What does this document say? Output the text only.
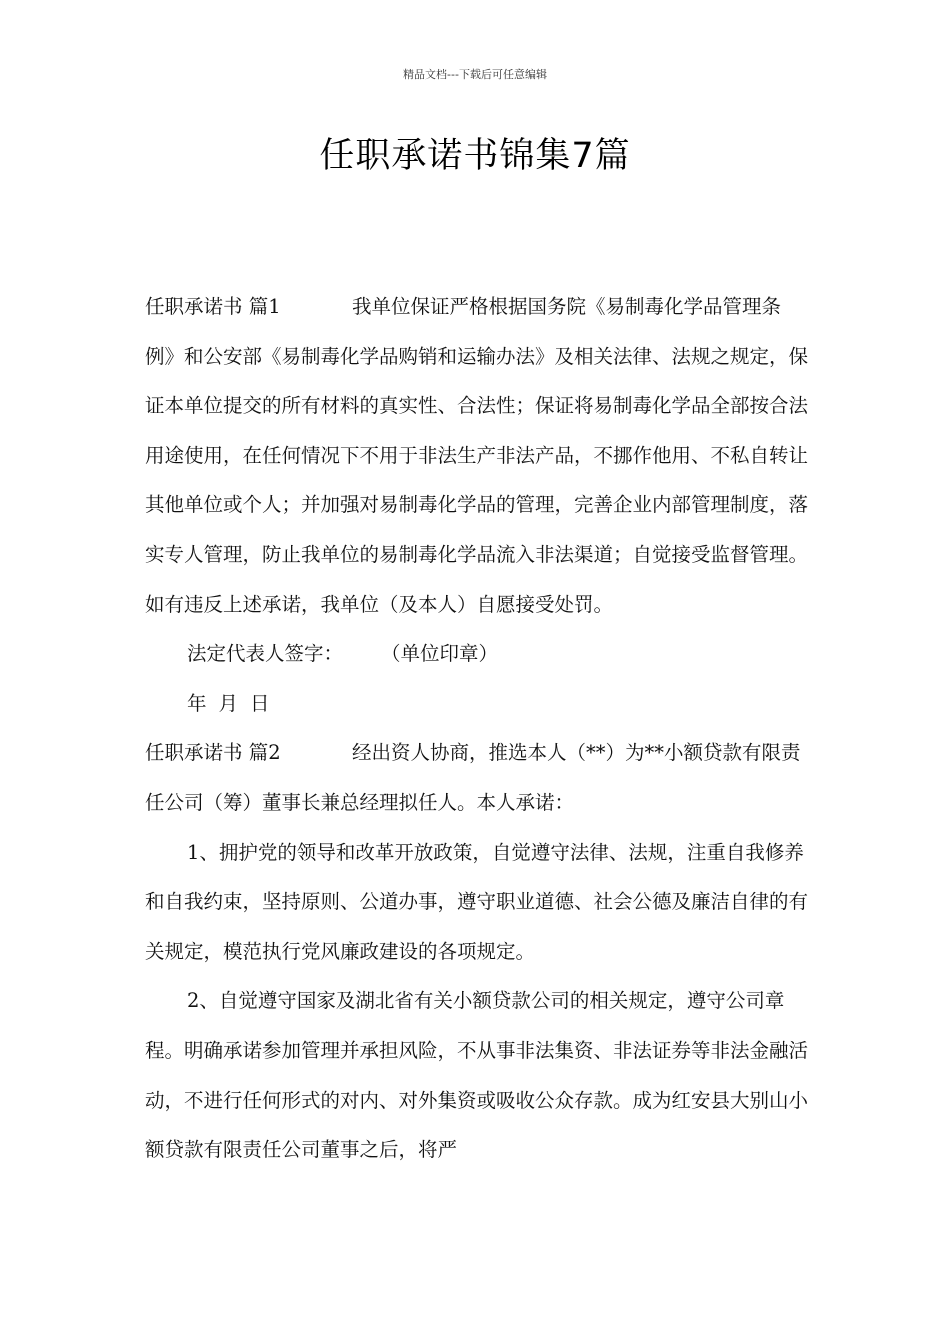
精品文档---下载后可任意编辑
任职承诺书锦集7篇

任职承诺书 篇1	我单位保证严格根据国务院《易制毒化学品管理条例》和公安部《易制毒化学品购销和运输办法》及相关法律、法规之规定，保证本单位提交的所有材料的真实性、合法性；保证将易制毒化学品全部按合法用途使用，在任何情况下不用于非法生产非法产品，不挪作他用、不私自转让其他单位或个人；并加强对易制毒化学品的管理，完善企业内部管理制度，落实专人管理，防止我单位的易制毒化学品流入非法渠道；自觉接受监督管理。如有违反上述承诺，我单位（及本人）自愿接受处罚。

法定代表人签字： （单位印章）

年 月 日

任职承诺书 篇2	经出资人协商，推选本人（**）为**小额贷款有限责任公司（筹）董事长兼总经理拟任人。本人承诺：

1、拥护党的领导和改革开放政策，自觉遵守法律、法规，注重自我修养和自我约束，坚持原则、公道办事，遵守职业道德、社会公德及廉洁自律的有关规定，模范执行党风廉政建设的各项规定。

2、自觉遵守国家及湖北省有关小额贷款公司的相关规定，遵守公司章程。明确承诺参加管理并承担风险，不从事非法集资、非法证券等非法金融活动，不进行任何形式的对内、对外集资或吸收公众存款。成为红安县大别山小额贷款有限责任公司董事之后，将严
